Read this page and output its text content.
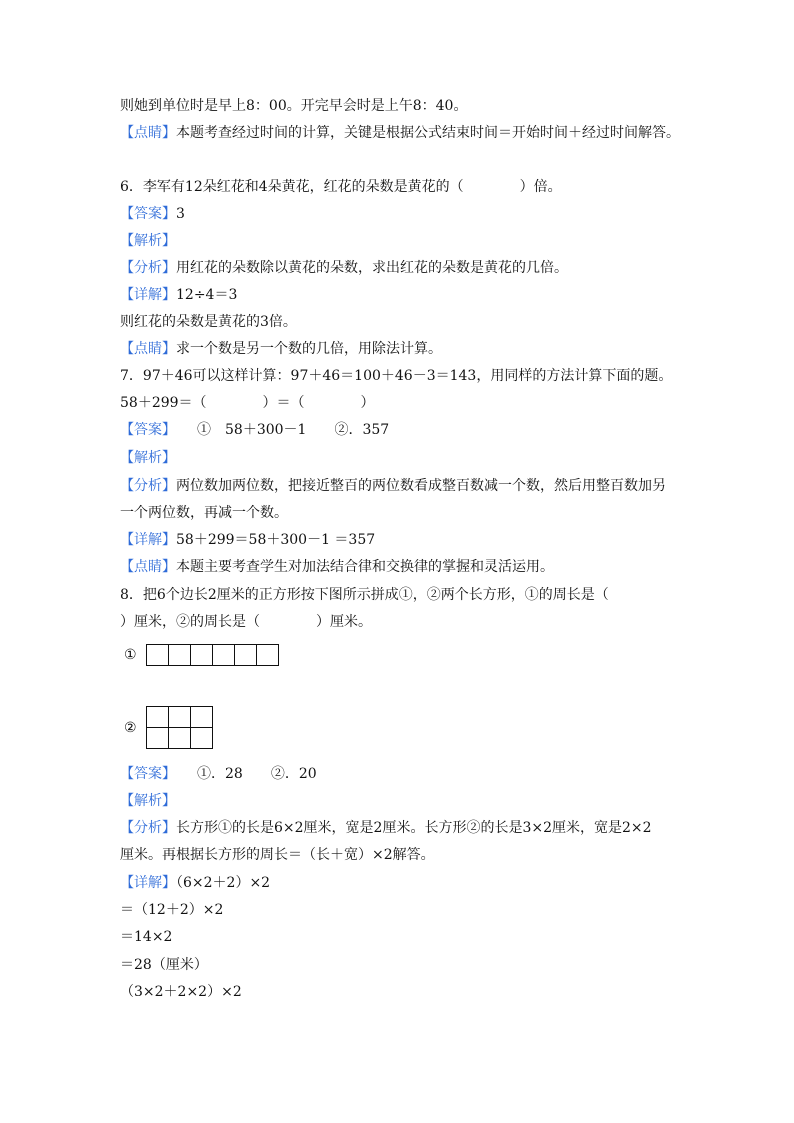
则她到单位时是早上8：00。开完早会时是上午8：40。
【点睛】本题考查经过时间的计算，关键是根据公式结束时间＝开始时间＋经过时间解答。
6．李军有12朵红花和4朵黄花，红花的朵数是黄花的（　　　　）倍。
【答案】3
【解析】
【分析】用红花的朵数除以黄花的朵数，求出红花的朵数是黄花的几倍。
【详解】12÷4＝3
则红花的朵数是黄花的3倍。
【点睛】求一个数是另一个数的几倍，用除法计算。
7．97＋46可以这样计算：97＋46＝100＋46－3＝143，用同样的方法计算下面的题。
58＋299＝（　　　　）＝（　　　　）
【答案】　　 ①　58＋300－1　　②．357
【解析】
【分析】两位数加两位数，把接近整百的两位数看成整百数减一个数，然后用整百数加另
一个两位数，再减一个数。
【详解】58＋299＝58＋300－1 ＝357
【点睛】本题主要考查学生对加法结合律和交换律的掌握和灵活运用。
8．把6个边长2厘米的正方形按下图所示拼成①，②两个长方形，①的周长是（
）厘米，②的周长是（　　　　）厘米。
①

②

【答案】　　 ①．28　　②．20
【解析】
【分析】长方形①的长是6×2厘米，宽是2厘米。长方形②的长是3×2厘米，宽是2×2
厘米。再根据长方形的周长＝（长＋宽）×2解答。
【详解】（6×2＋2）×2
＝（12＋2）×2
＝14×2
＝28（厘米）
（3×2＋2×2）×2
